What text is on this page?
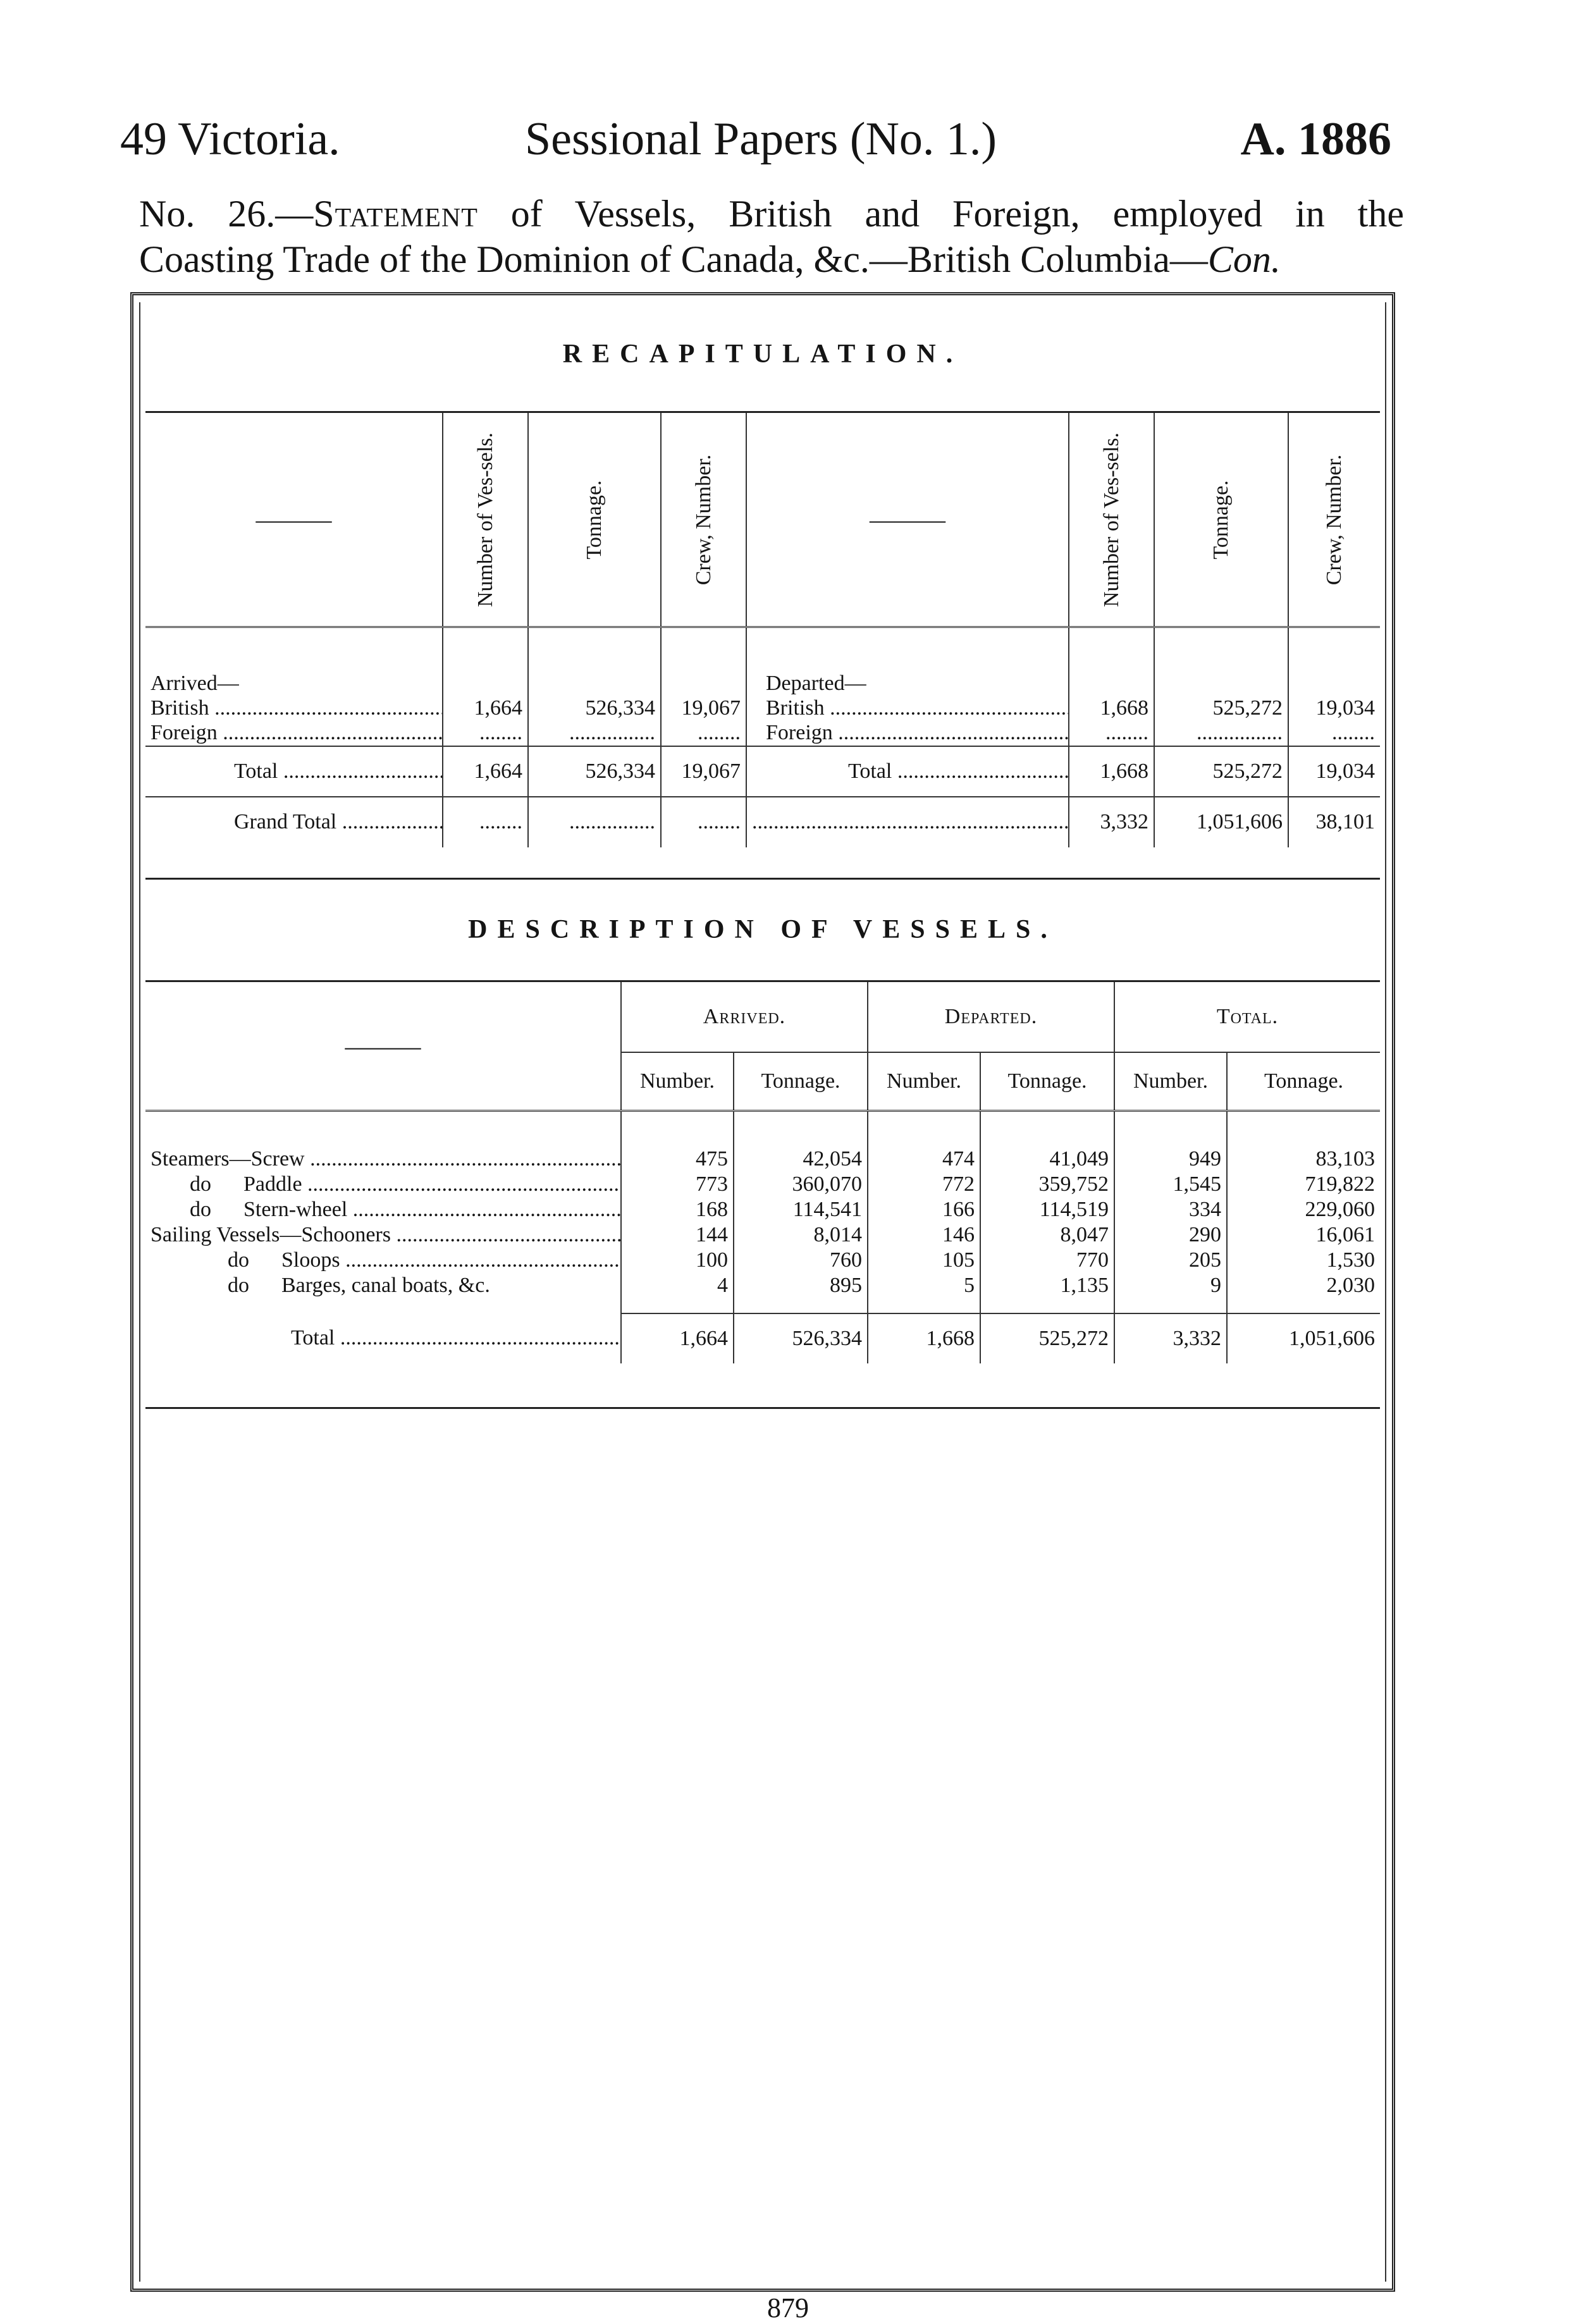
49 Victoria.	Sessional Papers (No. 1.)	A. 1886
No. 26.—Statement of Vessels, British and Foreign, employed in the
Coasting Trade of the Dominion of Canada, &c.—British Columbia—Con.
RECAPITULATION.
———	Number of Ves-sels.	Tonnage.	Crew, Number.	———	Number of Ves-sels.	Tonnage.	Crew, Number.

Arrived—				Departed—			
British .....	1,664	526,334	19,067	British .....	1,668	525,272	19,034
Foreign .....	........	................	........	Foreign .....	........	................	........
Total .....	1,664	526,334	19,067	Total .....	1,668	525,272	19,034
Grand Total .....	........	................	........	.....	3,332	1,051,606	38,101

DESCRIPTION OF VESSELS.
———	Arrived.		Departed.		Total.	
	Number.	Tonnage.	Number.	Tonnage.	Number.	Tonnage.

Steamers—Screw .....	475	42,054	474	41,049	949	83,103
do      Paddle .....	773	360,070	772	359,752	1,545	719,822
do      Stern-wheel .....	168	114,541	166	114,519	334	229,060
Sailing Vessels—Schooners .....	144	8,014	146	8,047	290	16,061
do      Sloops .....	100	760	105	770	205	1,530
do      Barges, canal boats, &c.	4	895	5	1,135	9	2,030

Total .....	1,664	526,334	1,668	525,272	3,332	1,051,606
879
